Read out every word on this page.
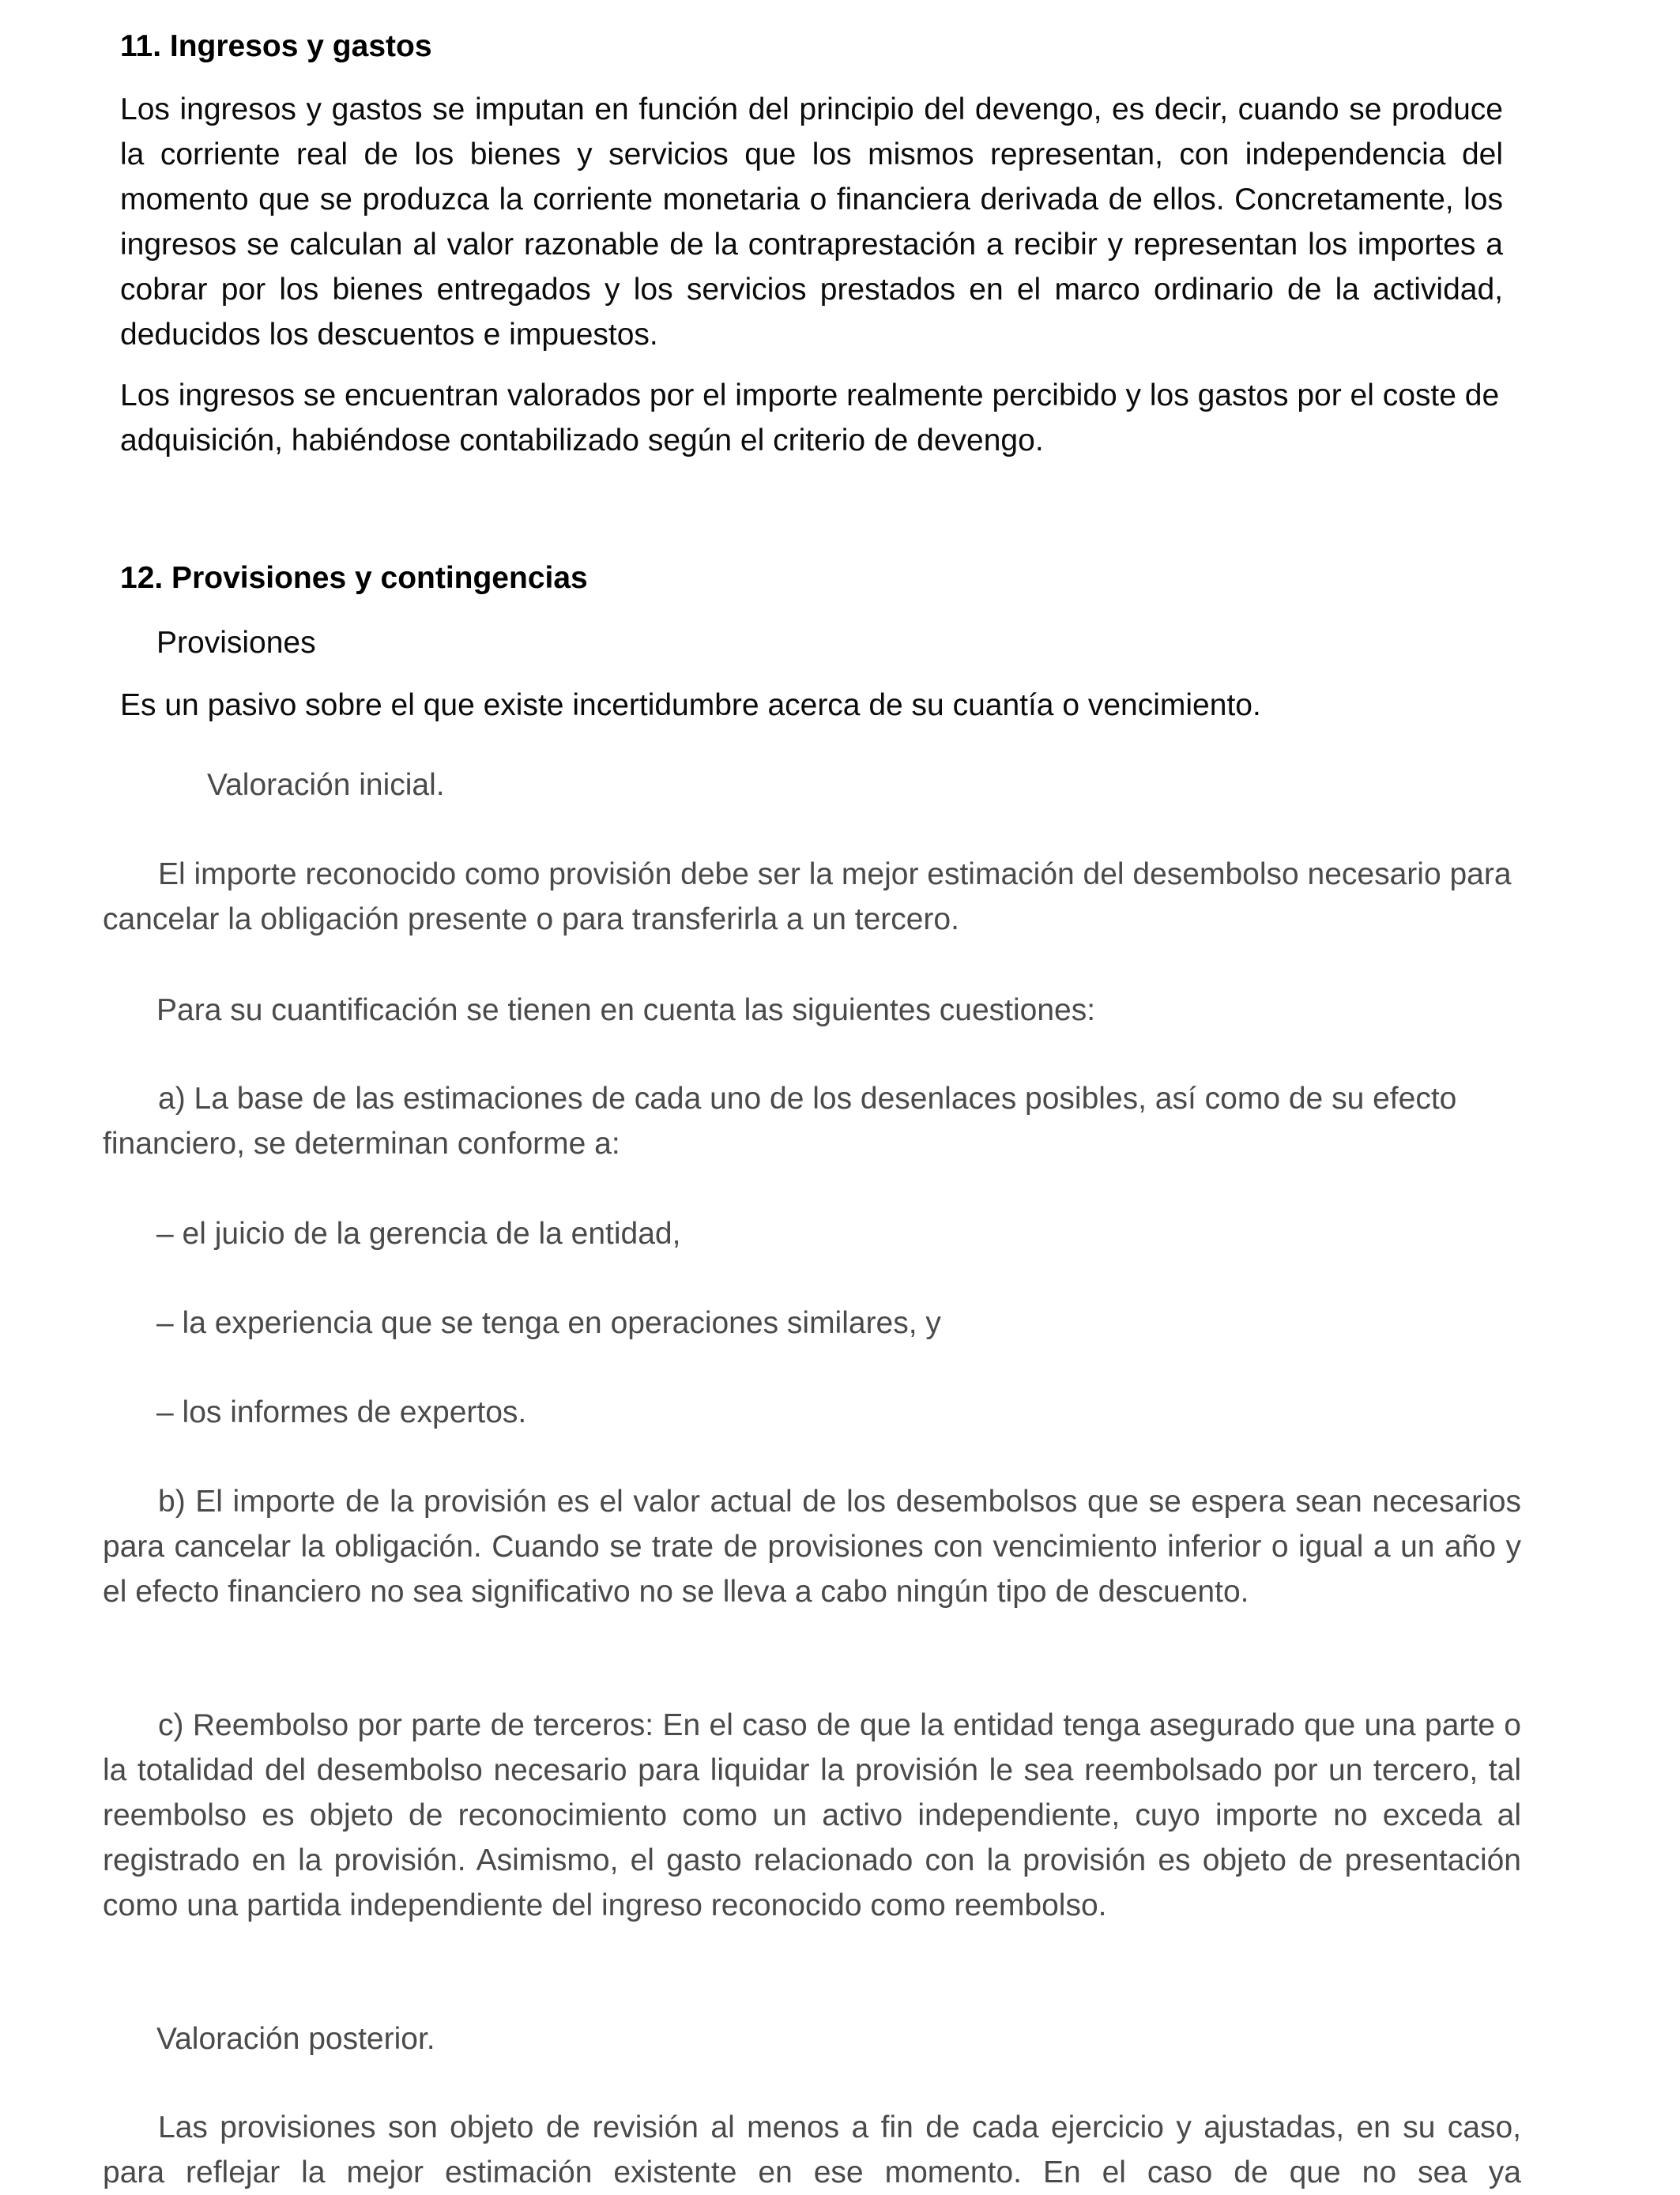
11. Ingresos y gastos

Los ingresos y gastos se imputan en función del principio del devengo, es decir, cuando se produce la corriente real de los bienes y servicios que los mismos representan, con independencia del momento que se produzca la corriente monetaria o financiera derivada de ellos. Concretamente, los ingresos se calculan al valor razonable de la contraprestación a recibir y representan los importes a cobrar por los bienes entregados y los servicios prestados en el marco ordinario de la actividad, deducidos los descuentos e impuestos.

Los ingresos se encuentran valorados por el importe realmente percibido y los gastos por el coste de adquisición, habiéndose contabilizado según el criterio de devengo.

12. Provisiones y contingencias
Provisiones

Es un pasivo sobre el que existe incertidumbre acerca de su cuantía o vencimiento.

Valoración inicial.

El importe reconocido como provisión debe ser la mejor estimación del desembolso necesario para cancelar la obligación presente o para transferirla a un tercero.

Para su cuantificación se tienen en cuenta las siguientes cuestiones:

a) La base de las estimaciones de cada uno de los desenlaces posibles, así como de su efecto financiero, se determinan conforme a:

– el juicio de la gerencia de la entidad,
– la experiencia que se tenga en operaciones similares, y
– los informes de expertos.

b) El importe de la provisión es el valor actual de los desembolsos que se espera sean necesarios para cancelar la obligación. Cuando se trate de provisiones con vencimiento inferior o igual a un año y el efecto financiero no sea significativo no se lleva a cabo ningún tipo de descuento.

c) Reembolso por parte de terceros: En el caso de que la entidad tenga asegurado que una parte o la totalidad del desembolso necesario para liquidar la provisión le sea reembolsado por un tercero, tal reembolso es objeto de reconocimiento como un activo independiente, cuyo importe no exceda al registrado en la provisión. Asimismo, el gasto relacionado con la provisión es objeto de presentación como una partida independiente del ingreso reconocido como reembolso.

Valoración posterior.

Las provisiones son objeto de revisión al menos a fin de cada ejercicio y ajustadas, en su caso, para reflejar la mejor estimación existente en ese momento. En el caso de que no sea ya
